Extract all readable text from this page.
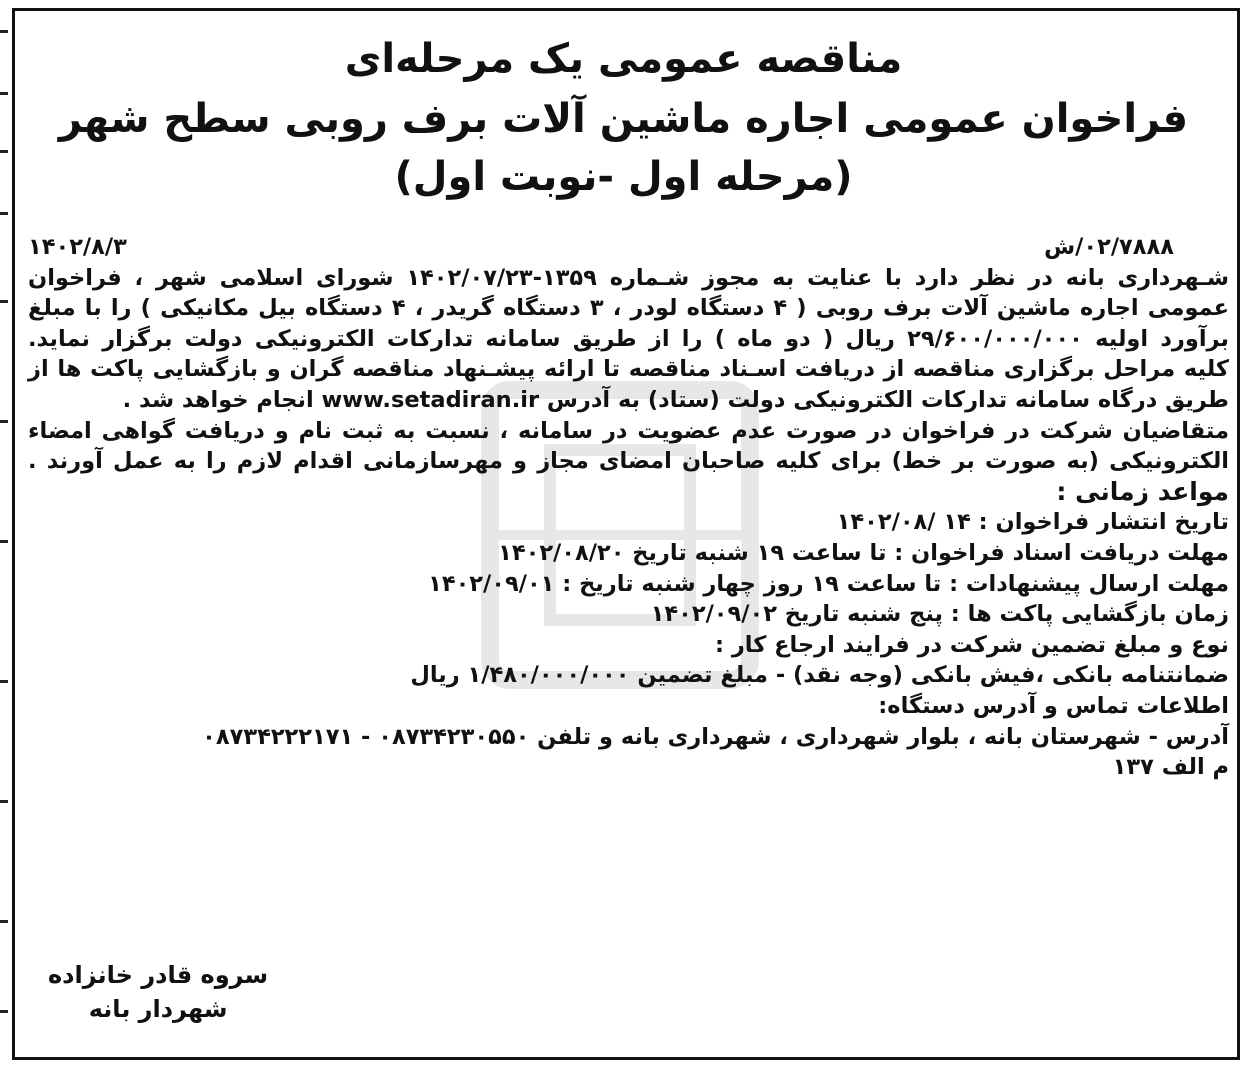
مناقصه عمومی یک مرحله‌ای
فراخوان عمومی اجاره ماشین آلات برف روبی سطح شهر
(مرحله اول -نوبت اول)
۰۲/۷۸۸۸/ش
۱۴۰۲/۸/۳
شـهرداری بانه در نظر دارد با عنایت به مجوز شـماره ۱۳۵۹-۱۴۰۲/۰۷/۲۳ شورای اسلامی شهر ، فراخوان
عمومی اجاره ماشین آلات برف روبی ( ۴ دستگاه لودر ، ۳ دستگاه گریدر ، ۴ دستگاه بیل مکانیکی ) را با مبلغ
برآورد اولیه ۲۹/۶۰۰/۰۰۰/۰۰۰ ریال ( دو ماه ) را از طریق سامانه تدارکات الکترونیکی دولت برگزار نماید.
کلیه مراحل برگزاری مناقصه از دریافت اسـناد مناقصه تا ارائه پیشـنهاد مناقصه گران و بازگشایی پاکت ها از
طریق درگاه سامانه تدارکات الکترونیکی دولت (ستاد) به آدرس www.setadiran.ir انجام خواهد شد .
متقاضیان شرکت در فراخوان در صورت عدم عضویت در سامانه ، نسبت به ثبت نام و دریافت گواهی امضاء
الکترونیکی (به صورت بر خط) برای کلیه صاحبان امضای مجاز و مهرسازمانی اقدام لازم را به عمل آورند .
مواعد زمانی :
تاریخ انتشار فراخوان : ۱۴ /۱۴۰۲/۰۸
مهلت دریافت اسناد فراخوان : تا ساعت ۱۹ شنبه تاریخ ۱۴۰۲/۰۸/۲۰
مهلت ارسال پیشنهادات : تا ساعت ۱۹ روز چهار شنبه تاریخ : ۱۴۰۲/۰۹/۰۱
زمان بازگشایی پاکت ها : پنج شنبه تاریخ ۱۴۰۲/۰۹/۰۲
نوع و مبلغ تضمین شرکت در فرایند ارجاع کار :
ضمانتنامه بانکی ،فیش بانکی (وجه نقد) - مبلغ تضمین ۱/۴۸۰/۰۰۰/۰۰۰ ریال
اطلاعات تماس و آدرس دستگاه:
آدرس - شهرستان بانه ، بلوار شهرداری ، شهرداری بانه و تلفن ۰۸۷۳۴۲۳۰۵۵۰ - ۰۸۷۳۴۲۲۲۱۷۱
م الف ۱۳۷
سروه قادر خانزاده
شهردار بانه
